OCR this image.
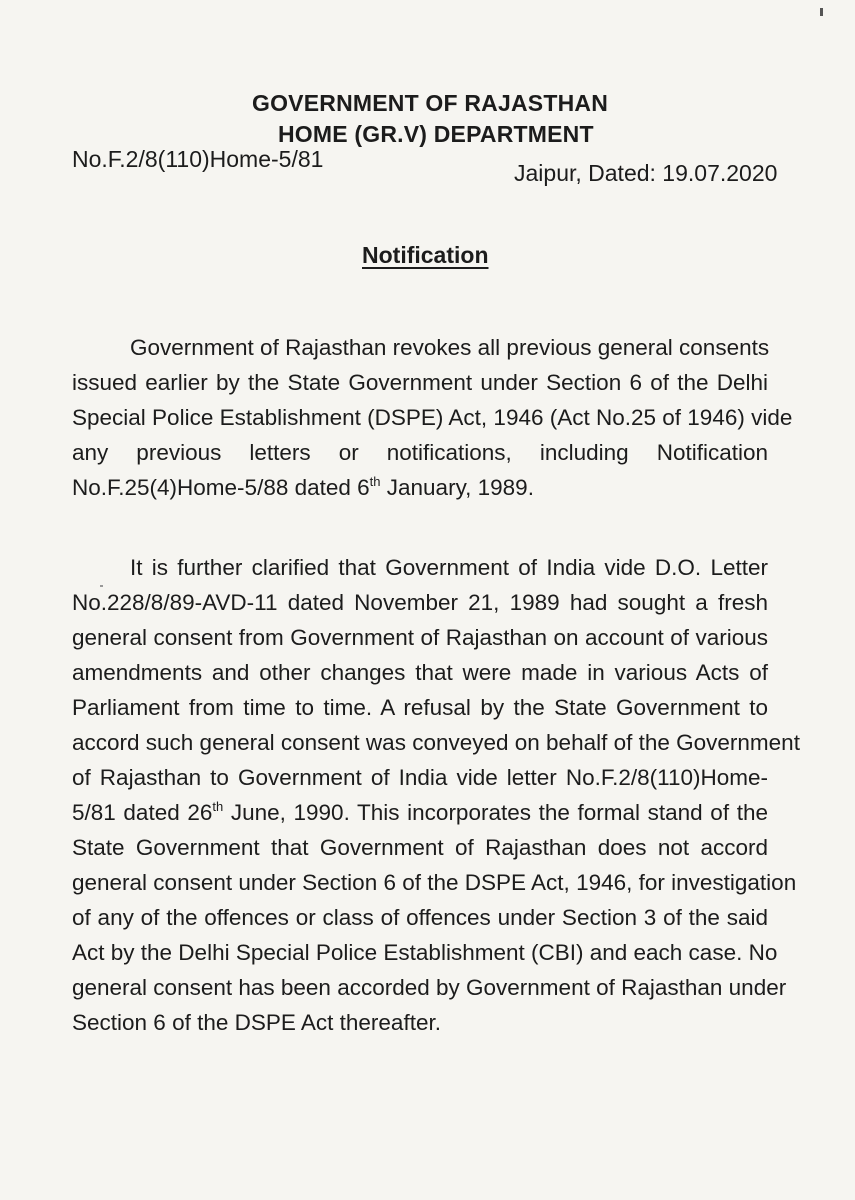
GOVERNMENT OF RAJASTHAN
HOME (GR.V) DEPARTMENT
No.F.2/8(110)Home-5/81
Jaipur, Dated: 19.07.2020
Notification
Government of Rajasthan revokes all previous general consents
issued earlier by the State Government under Section 6 of the Delhi
Special Police Establishment (DSPE) Act, 1946 (Act No.25 of 1946) vide
any previous letters or notifications, including Notification
No.F.25(4)Home-5/88 dated 6th January, 1989.
It is further clarified that Government of India vide D.O. Letter
No.228/8/89-AVD-11 dated November 21, 1989 had sought a fresh
general consent from Government of Rajasthan on account of various
amendments and other changes that were made in various Acts of
Parliament from time to time. A refusal by the State Government to
accord such general consent was conveyed on behalf of the Government
of Rajasthan to Government of India vide letter No.F.2/8(110)Home-
5/81 dated 26th June, 1990. This incorporates the formal stand of the
State Government that Government of Rajasthan does not accord
general consent under Section 6 of the DSPE Act, 1946, for investigation
of any of the offences or class of offences under Section 3 of the said
Act by the Delhi Special Police Establishment (CBI) and each case. No
general consent has been accorded by Government of Rajasthan under
Section 6 of the DSPE Act thereafter.
